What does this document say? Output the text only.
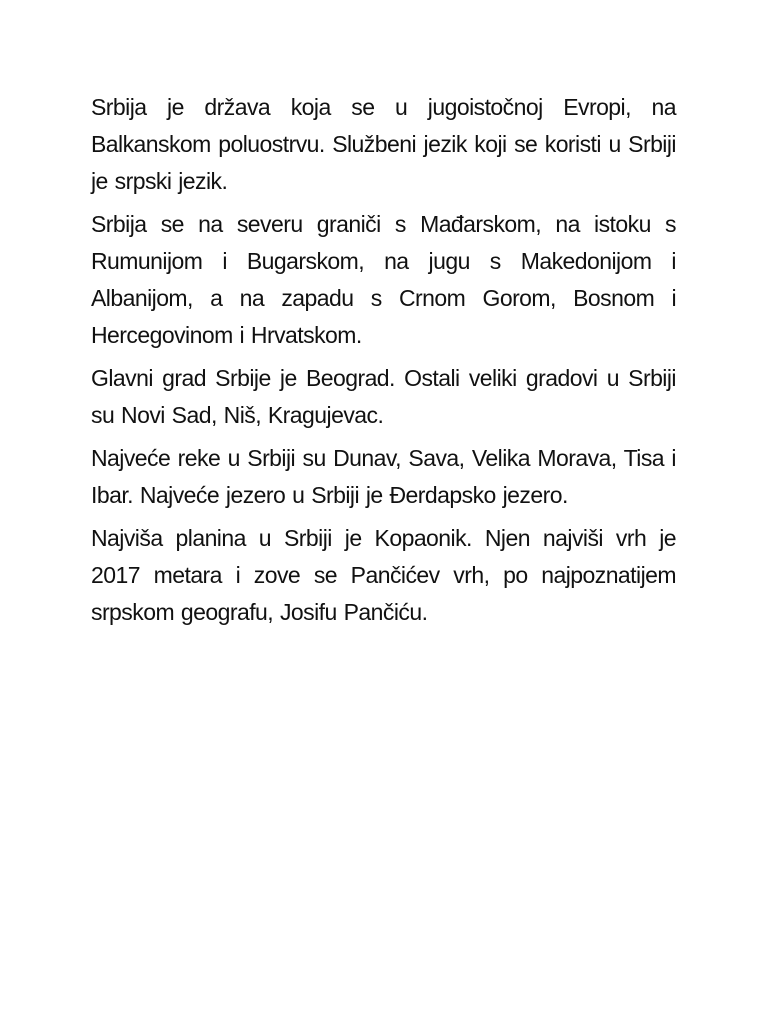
Srbija je država koja se u jugoistočnoj Evropi, na Balkanskom poluostrvu. Službeni jezik koji se koristi u Srbiji je srpski jezik.

Srbija se na severu graniči s Mađarskom, na istoku s Rumunijom i Bugarskom, na jugu s Makedonijom i Albanijom, a na zapadu s Crnom Gorom, Bosnom i Hercegovinom i Hrvatskom.

Glavni grad Srbije je Beograd. Ostali veliki gradovi u Srbiji su Novi Sad, Niš, Kragujevac.

Najveće reke u Srbiji su Dunav, Sava, Velika Morava, Tisa i Ibar. Najveće jezero u Srbiji je Đerdapsko jezero.

Najviša planina u Srbiji je Kopaonik. Njen najviši vrh je 2017 metara i zove se Pančićev vrh, po najpoznatijem srpskom geografu, Josifu Pančiću.
